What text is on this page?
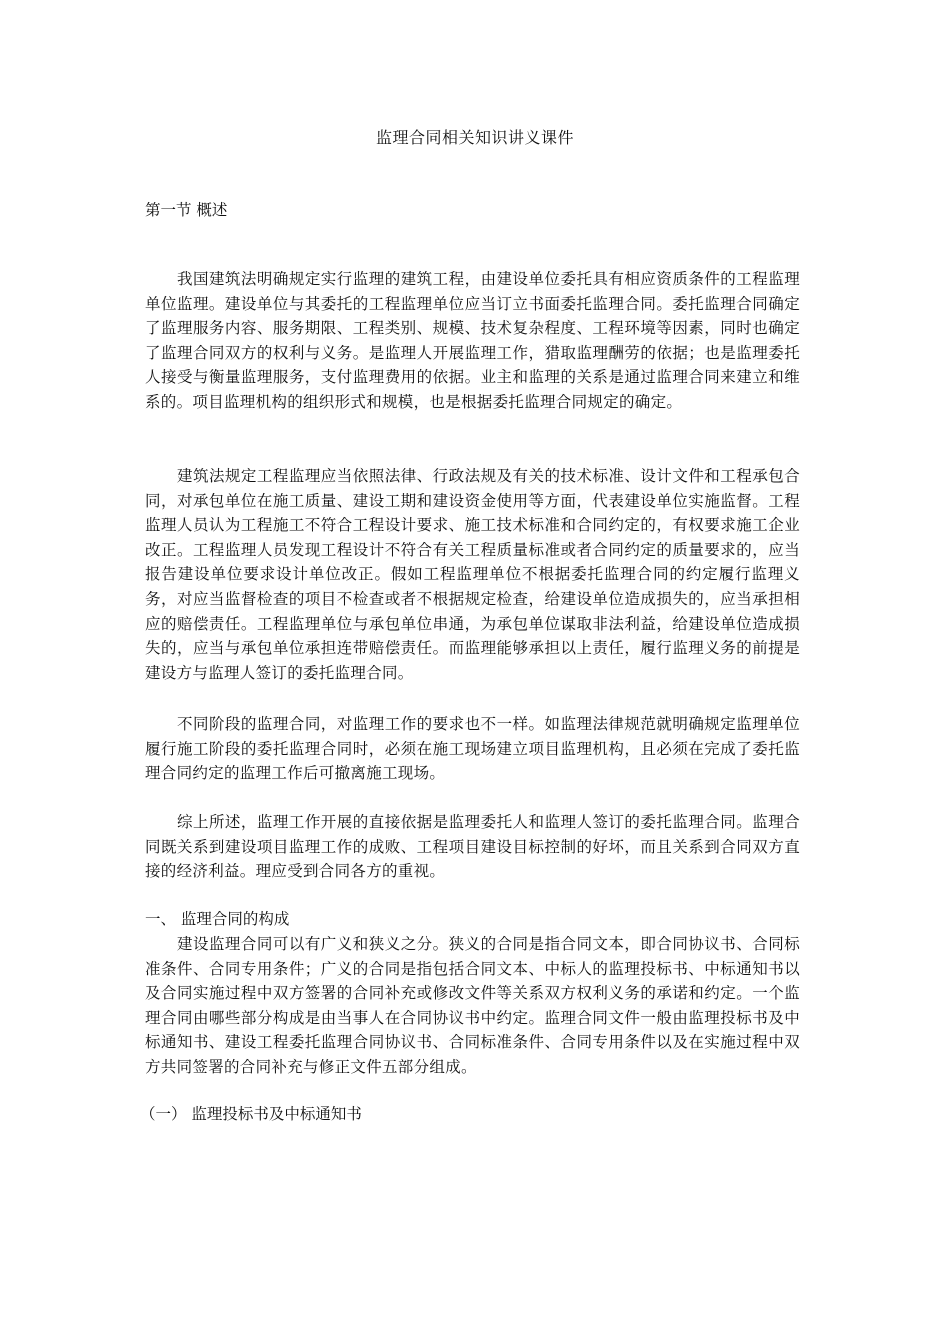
监理合同相关知识讲义课件
第一节 概述

我国建筑法明确规定实行监理的建筑工程，由建设单位委托具有相应资质条件的工程监理单位监理。建设单位与其委托的工程监理单位应当订立书面委托监理合同。委托监理合同确定了监理服务内容、服务期限、工程类别、规模、技术复杂程度、工程环境等因素，同时也确定了监理合同双方的权利与义务。是监理人开展监理工作，猎取监理酬劳的依据；也是监理委托人接受与衡量监理服务，支付监理费用的依据。业主和监理的关系是通过监理合同来建立和维系的。项目监理机构的组织形式和规模，也是根据委托监理合同规定的确定。

建筑法规定工程监理应当依照法律、行政法规及有关的技术标准、设计文件和工程承包合同，对承包单位在施工质量、建设工期和建设资金使用等方面，代表建设单位实施监督。工程监理人员认为工程施工不符合工程设计要求、施工技术标准和合同约定的，有权要求施工企业改正。工程监理人员发现工程设计不符合有关工程质量标准或者合同约定的质量要求的，应当报告建设单位要求设计单位改正。假如工程监理单位不根据委托监理合同的约定履行监理义务，对应当监督检查的项目不检查或者不根据规定检查，给建设单位造成损失的，应当承担相应的赔偿责任。工程监理单位与承包单位串通，为承包单位谋取非法利益，给建设单位造成损失的，应当与承包单位承担连带赔偿责任。而监理能够承担以上责任，履行监理义务的前提是建设方与监理人签订的委托监理合同。

不同阶段的监理合同，对监理工作的要求也不一样。如监理法律规范就明确规定监理单位履行施工阶段的委托监理合同时，必须在施工现场建立项目监理机构，且必须在完成了委托监理合同约定的监理工作后可撤离施工现场。

综上所述，监理工作开展的直接依据是监理委托人和监理人签订的委托监理合同。监理合同既关系到建设项目监理工作的成败、工程项目建设目标控制的好坏，而且关系到合同双方直接的经济利益。理应受到合同各方的重视。

一、 监理合同的构成

建设监理合同可以有广义和狭义之分。狭义的合同是指合同文本，即合同协议书、合同标准条件、合同专用条件；广义的合同是指包括合同文本、中标人的监理投标书、中标通知书以及合同实施过程中双方签署的合同补充或修改文件等关系双方权利义务的承诺和约定。一个监理合同由哪些部分构成是由当事人在合同协议书中约定。监理合同文件一般由监理投标书及中标通知书、建设工程委托监理合同协议书、合同标准条件、合同专用条件以及在实施过程中双方共同签署的合同补充与修正文件五部分组成。

（一） 监理投标书及中标通知书
